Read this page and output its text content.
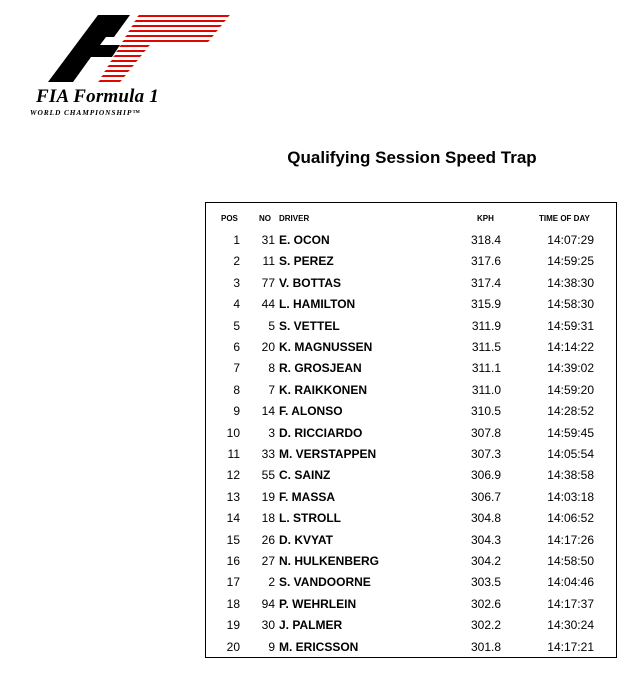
FIA Formula 1
WORLD CHAMPIONSHIP™
Qualifying Session Speed Trap
POS	NO DRIVER	KPH	TIME OF DAY
1	31 E. OCON	318.4	14:07:29
2	11 S. PEREZ	317.6	14:59:25
3	77 V. BOTTAS	317.4	14:38:30
4	44 L. HAMILTON	315.9	14:58:30
5	5 S. VETTEL	311.9	14:59:31
6	20 K. MAGNUSSEN	311.5	14:14:22
7	8 R. GROSJEAN	311.1	14:39:02
8	7 K. RAIKKONEN	311.0	14:59:20
9	14 F. ALONSO	310.5	14:28:52
10	3 D. RICCIARDO	307.8	14:59:45
11	33 M. VERSTAPPEN	307.3	14:05:54
12	55 C. SAINZ	306.9	14:38:58
13	19 F. MASSA	306.7	14:03:18
14	18 L. STROLL	304.8	14:06:52
15	26 D. KVYAT	304.3	14:17:26
16	27 N. HULKENBERG	304.2	14:58:50
17	2 S. VANDOORNE	303.5	14:04:46
18	94 P. WEHRLEIN	302.6	14:17:37
19	30 J. PALMER	302.2	14:30:24
20	9 M. ERICSSON	301.8	14:17:21
